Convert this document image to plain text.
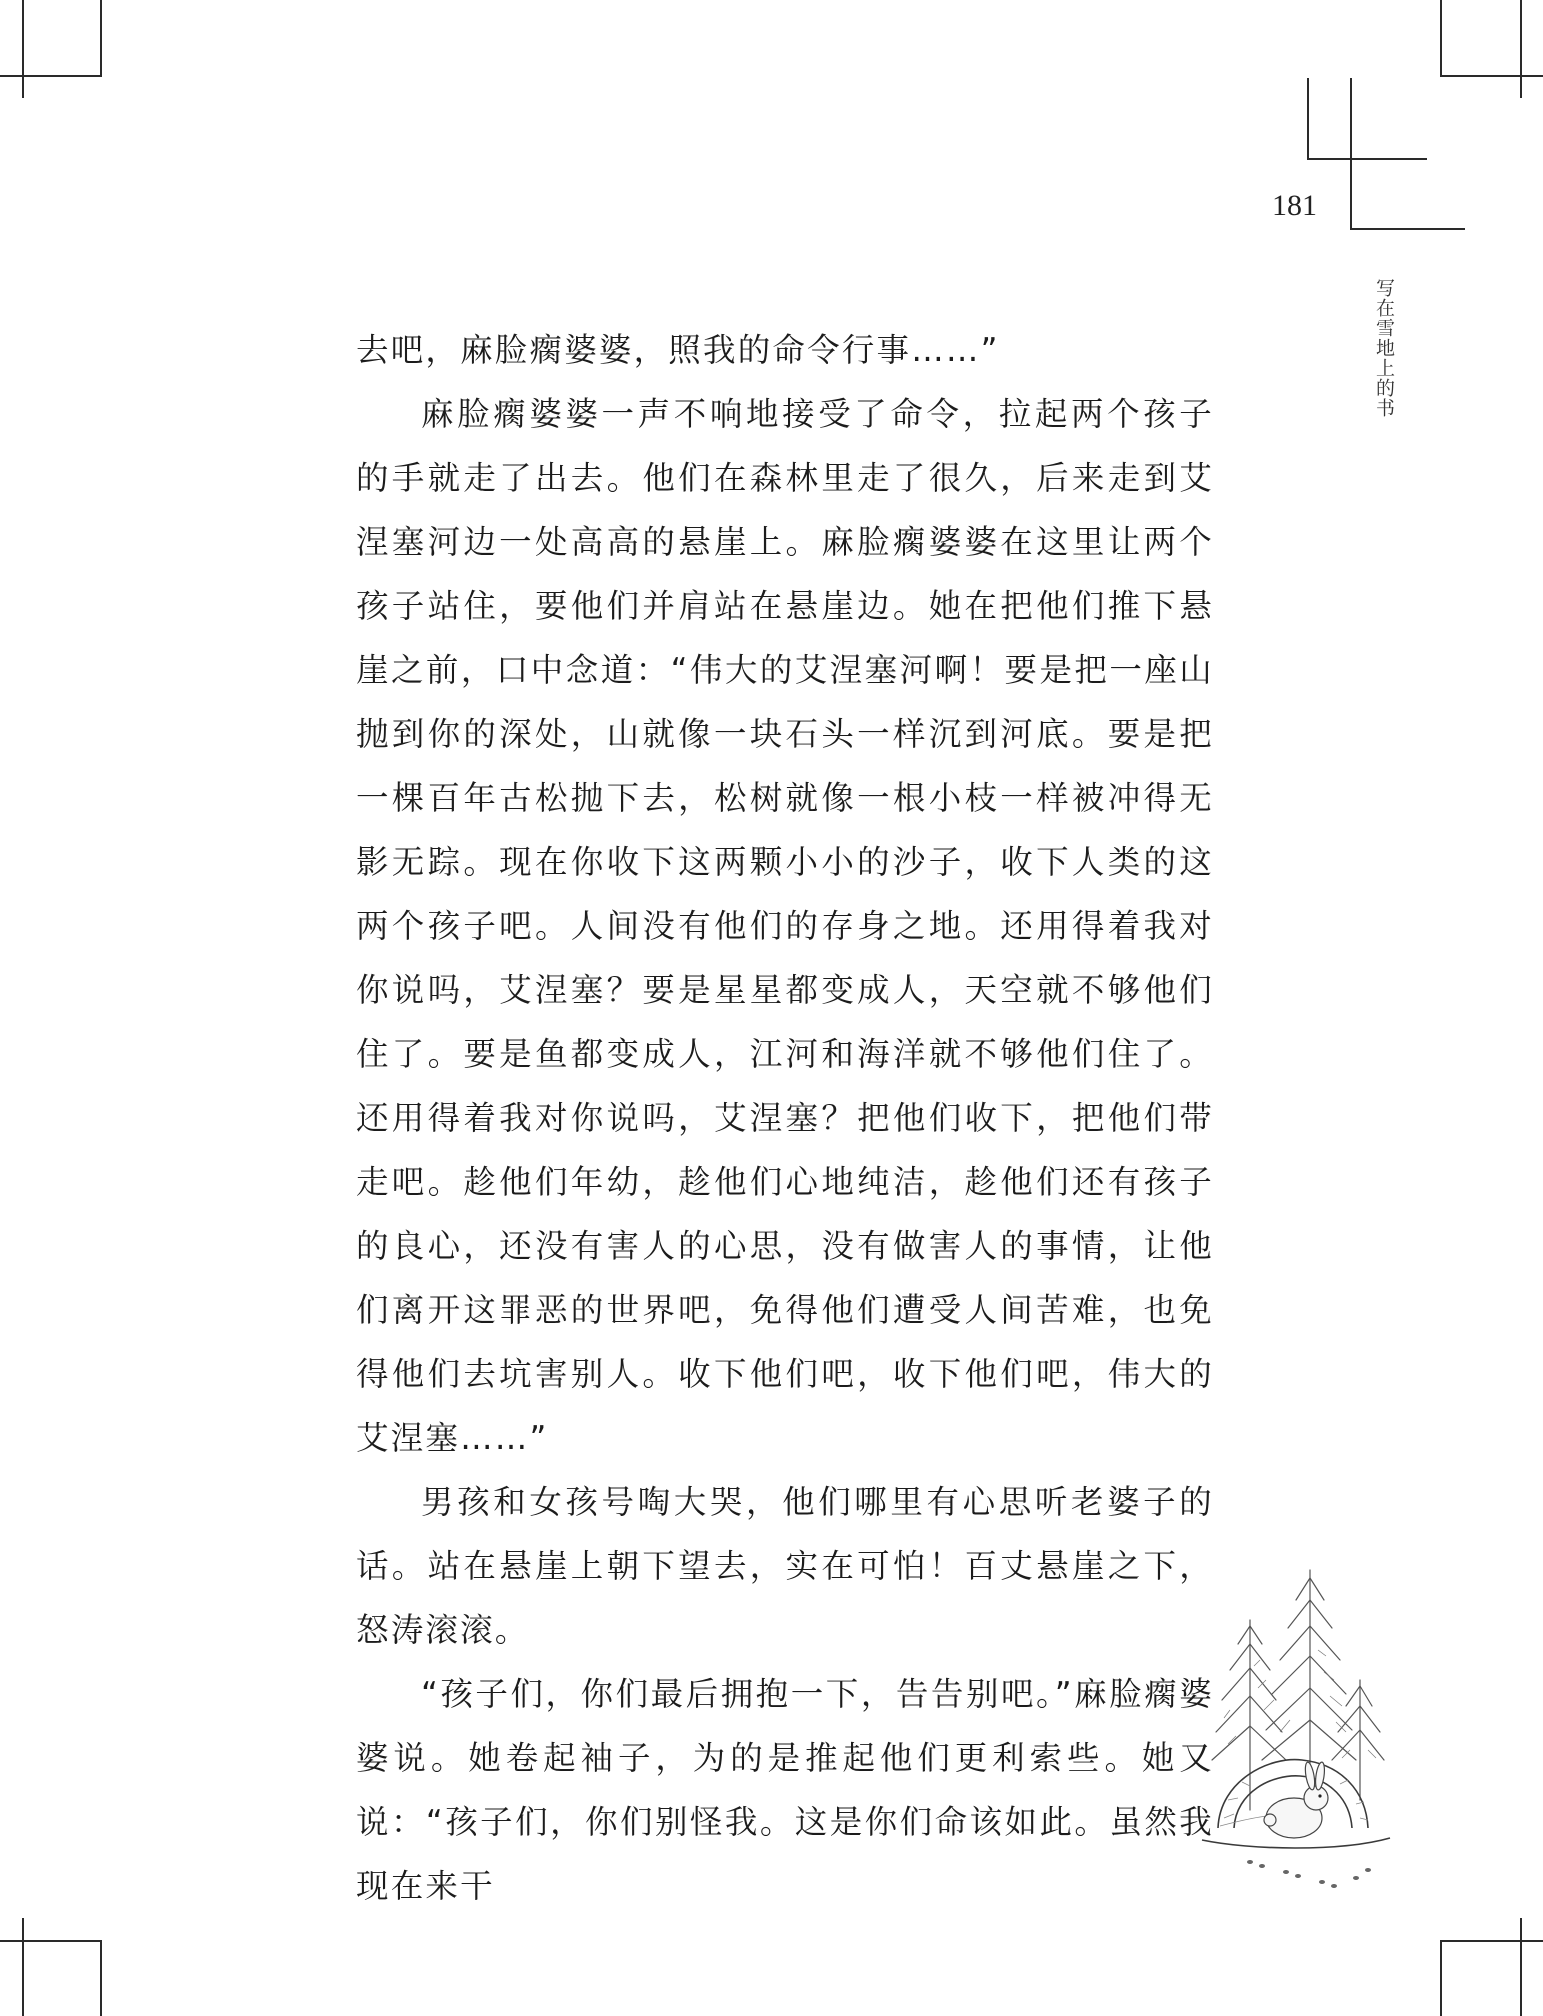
181
写在雪地上的书

去吧，麻脸瘸婆婆，照我的命令行事……”

麻脸瘸婆婆一声不响地接受了命令，拉起两个孩子的手就走了出去。他们在森林里走了很久，后来走到艾涅塞河边一处高高的悬崖上。麻脸瘸婆婆在这里让两个孩子站住，要他们并肩站在悬崖边。她在把他们推下悬崖之前，口中念道：“伟大的艾涅塞河啊！要是把一座山抛到你的深处，山就像一块石头一样沉到河底。要是把一棵百年古松抛下去，松树就像一根小枝一样被冲得无影无踪。现在你收下这两颗小小的沙子，收下人类的这两个孩子吧。人间没有他们的存身之地。还用得着我对你说吗，艾涅塞？要是星星都变成人，天空就不够他们住了。要是鱼都变成人，江河和海洋就不够他们住了。还用得着我对你说吗，艾涅塞？把他们收下，把他们带走吧。趁他们年幼，趁他们心地纯洁，趁他们还有孩子的良心，还没有害人的心思，没有做害人的事情，让他们离开这罪恶的世界吧，免得他们遭受人间苦难，也免得他们去坑害别人。收下他们吧，收下他们吧，伟大的艾涅塞……”

男孩和女孩号啕大哭，他们哪里有心思听老婆子的话。站在悬崖上朝下望去，实在可怕！百丈悬崖之下，怒涛滚滚。

“孩子们，你们最后拥抱一下，告告别吧。”麻脸瘸婆婆说。她卷起袖子，为的是推起他们更利索些。她又说：“孩子们，你们别怪我。这是你们命该如此。虽然我现在来干
